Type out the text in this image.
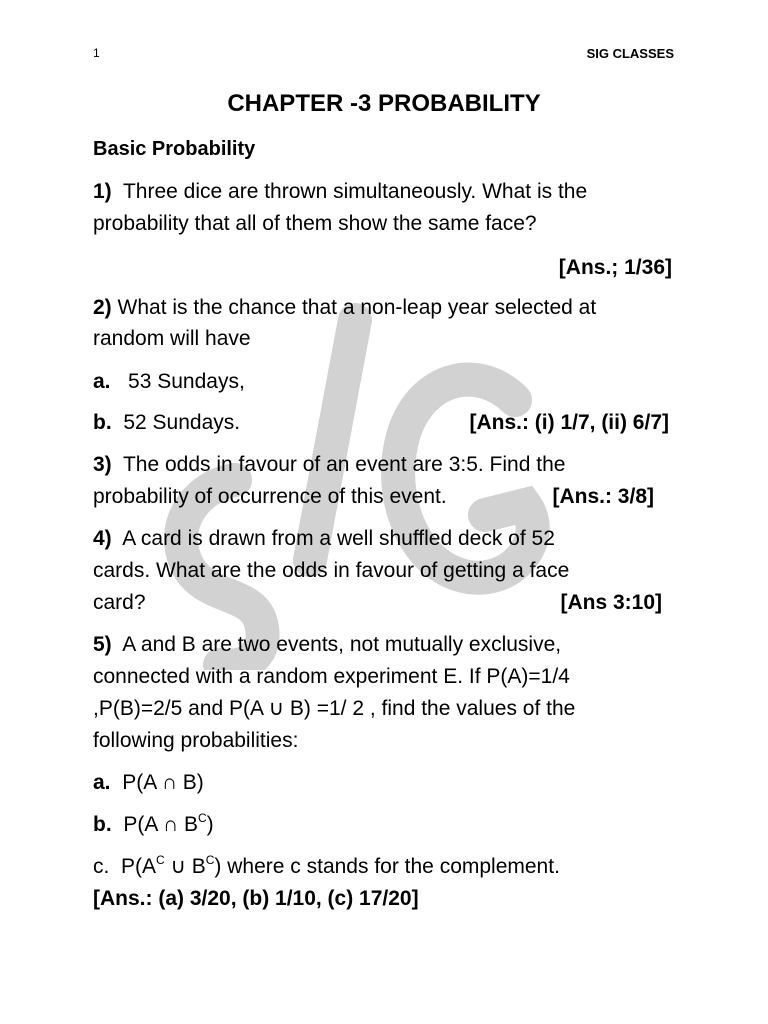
1	SIG CLASSES
CHAPTER -3 PROBABILITY
Basic Probability
1) Three dice are thrown simultaneously. What is the
probability that all of them show the same face?
[Ans.; 1/36]
2) What is the chance that a non-leap year selected at
random will have
a. 53 Sundays,
b. 52 Sundays.	[Ans.: (i) 1/7, (ii) 6/7]
3) The odds in favour of an event are 3:5. Find the
probability of occurrence of this event.	[Ans.: 3/8]
4) A card is drawn from a well shuffled deck of 52
cards. What are the odds in favour of getting a face
card?	[Ans 3:10]
5) A and B are two events, not mutually exclusive,
connected with a random experiment E. If P(A)=1/4
,P(B)=2/5 and P(A ∪ B) =1/ 2 , find the values of the
following probabilities:
a. P(A ∩ B)
b. P(A ∩ $B^C$)
c. $P(A^C$ ∪ $B^C$) where c stands for the complement.
[Ans.: (a) 3/20, (b) 1/10, (c) 17/20]
